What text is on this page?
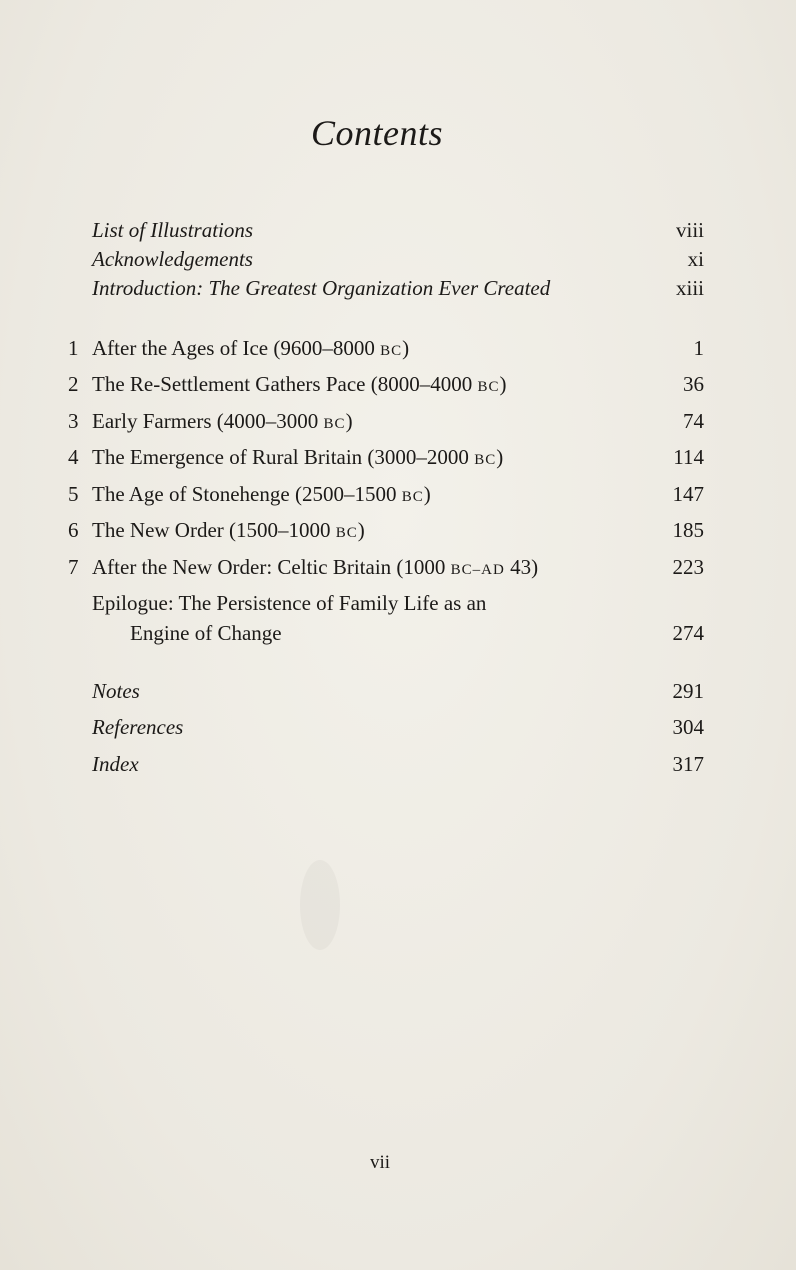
Contents
List of Illustrations	viii
Acknowledgements	xi
Introduction: The Greatest Organization Ever Created	xiii
1 After the Ages of Ice (9600–8000 BC)	1
2 The Re-Settlement Gathers Pace (8000–4000 BC)	36
3 Early Farmers (4000–3000 BC)	74
4 The Emergence of Rural Britain (3000–2000 BC)	114
5 The Age of Stonehenge (2500–1500 BC)	147
6 The New Order (1500–1000 BC)	185
7 After the New Order: Celtic Britain (1000 BC–AD 43)	223
Epilogue: The Persistence of Family Life as an
Engine of Change	274
Notes	291
References	304
Index	317
vii
